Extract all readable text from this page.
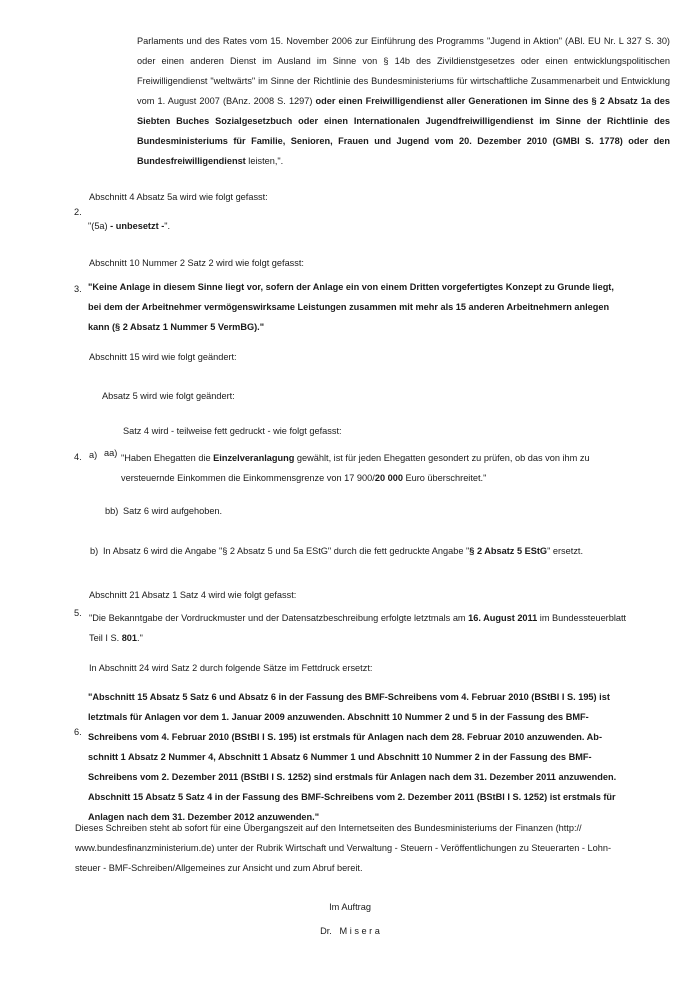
Parlaments und des Rates vom 15. November 2006 zur Einführung des Programms "Jugend in Aktion" (ABl. EU Nr. L 327 S. 30) oder einen anderen Dienst im Ausland im Sinne von § 14b des Zivildienstgesetzes oder einen entwicklungspolitischen Freiwilligendienst "weltwärts" im Sinne der Richtlinie des Bundesministeriums für wirtschaftliche Zusammenarbeit und Entwicklung vom 1. August 2007 (BAnz. 2008 S. 1297) oder einen Freiwilligendienst aller Generationen im Sinne des § 2 Absatz 1a des Siebten Buches Sozialgesetzbuch oder einen Internationalen Jugendfreiwilligendienst im Sinne der Richtlinie des Bundesministeriums für Familie, Senioren, Frauen und Jugend vom 20. Dezember 2010 (GMBl S. 1778) oder den Bundesfreiwilligendienst leisten,".
Abschnitt 4 Absatz 5a wird wie folgt gefasst:
2.
"(5a) - unbesetzt -".
Abschnitt 10 Nummer 2 Satz 2 wird wie folgt gefasst:
3. "Keine Anlage in diesem Sinne liegt vor, sofern der Anlage ein von einem Dritten vorgefertigtes Konzept zu Grunde liegt, bei dem der Arbeitnehmer vermögenswirksame Leistungen zusammen mit mehr als 15 anderen Arbeitnehmern anlegen kann (§ 2 Absatz 1 Nummer 5 VermBG)."
Abschnitt 15 wird wie folgt geändert:
Absatz 5 wird wie folgt geändert:
Satz 4 wird - teilweise fett gedruckt - wie folgt gefasst:
4. a) aa) "Haben Ehegatten die Einzelveranlagung gewählt, ist für jeden Ehegatten gesondert zu prüfen, ob das von ihm zu versteuernde Einkommen die Einkommensgrenze von 17 900/20 000 Euro überschreitet."
bb) Satz 6 wird aufgehoben.
b) In Absatz 6 wird die Angabe "§ 2 Absatz 5 und 5a EStG" durch die fett gedruckte Angabe "§ 2 Absatz 5 EStG" ersetzt.
Abschnitt 21 Absatz 1 Satz 4 wird wie folgt gefasst:
5. "Die Bekanntgabe der Vordruckmuster und der Datensatzbeschreibung erfolgte letztmals am 16. August 2011 im Bundessteuerblatt Teil I S. 801."
In Abschnitt 24 wird Satz 2 durch folgende Sätze im Fettdruck ersetzt:
6.
"Abschnitt 15 Absatz 5 Satz 6 und Absatz 6 in der Fassung des BMF-Schreibens vom 4. Februar 2010 (BStBl I S. 195) ist letztmals für Anlagen vor dem 1. Januar 2009 anzuwenden. Abschnitt 10 Nummer 2 und 5 in der Fassung des BMF-Schreibens vom 4. Februar 2010 (BStBl I S. 195) ist erstmals für Anlagen nach dem 28. Februar 2010 anzuwenden. Abschnitt 1 Absatz 2 Nummer 4, Abschnitt 1 Absatz 6 Nummer 1 und Abschnitt 10 Nummer 2 in der Fassung des BMF-Schreibens vom 2. Dezember 2011 (BStBl I S. 1252) sind erstmals für Anlagen nach dem 31. Dezember 2011 anzuwenden. Abschnitt 15 Absatz 5 Satz 4 in der Fassung des BMF-Schreibens vom 2. Dezember 2011 (BStBl I S. 1252) ist erstmals für Anlagen nach dem 31. Dezember 2012 anzuwenden."
Dieses Schreiben steht ab sofort für eine Übergangszeit auf den Internetseiten des Bundesministeriums der Finanzen (http://​www.bundesfinanzministerium.de) unter der Rubrik Wirtschaft und Verwaltung - Steuern - Veröffentlichungen zu Steuerarten - Lohnsteuer - BMF-Schreiben/Allgemeines zur Ansicht und zum Abruf bereit.
Im Auftrag
Dr.   M i s e r a
